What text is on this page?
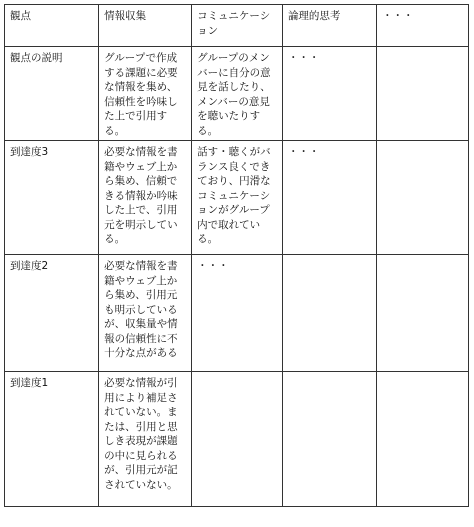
観点	情報収集	コミュニケーション	論理的思考	・・・

観点の説明	グループで作成する課題に必要な情報を集め、信頼性を吟味した上で引用する。	グループのメンバーに自分の意見を話したり、メンバーの意見を聴いたりする。	・・・	

到達度3	必要な情報を書籍やウェブ上から集め、信頼できる情報か吟味した上で、引用元を明示している。	話す・聴くがバランス良くできており、円滑なコミュニケーションがグループ内で取れている。	・・・	

到達度2	必要な情報を書籍やウェブ上から集め、引用元も明示しているが、収集量や情報の信頼性に不十分な点がある	・・・		

到達度1	必要な情報が引用により補足されていない。または、引用と思しき表現が課題の中に見られるが、引用元が記されていない。			
